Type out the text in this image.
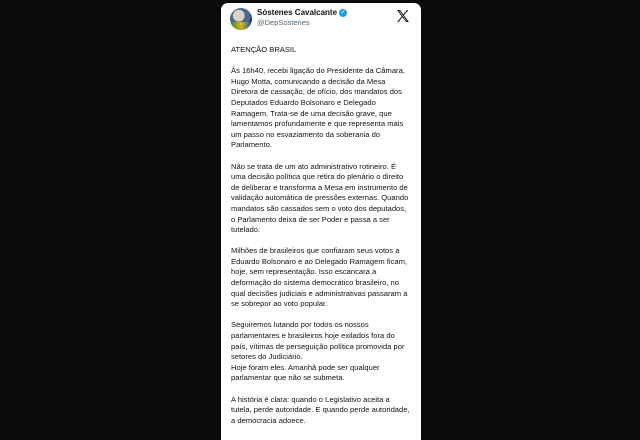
Sóstenes Cavalcante ✓
@DepSostenes

ATENÇÃO BRASIL

Às 16h40, recebi ligação do Presidente da Câmara, Hugo Motta, comunicando a decisão da Mesa Diretora de cassação, de ofício, dos mandatos dos Deputados Eduardo Bolsonaro e Delegado Ramagem. Trata-se de uma decisão grave, que lamentamos profundamente e que representa mais um passo no esvaziamento da soberania do Parlamento.

Não se trata de um ato administrativo rotineiro. É uma decisão política que retira do plenário o direito de deliberar e transforma a Mesa em instrumento de validação automática de pressões externas. Quando mandatos são cassados sem o voto dos deputados, o Parlamento deixa de ser Poder e passa a ser tutelado.

Milhões de brasileiros que confiaram seus votos a Eduardo Bolsonaro e ao Delegado Ramagem ficam, hoje, sem representação. Isso escancara a deformação do sistema democrático brasileiro, no qual decisões judiciais e administrativas passaram a se sobrepor ao voto popular.

Seguiremos lutando por todos os nossos parlamentares e brasileiros hoje exilados fora do país, vítimas de perseguição política promovida por setores do Judiciário.
Hoje foram eles. Amanhã pode ser qualquer parlamentar que não se submeta.

A história é clara: quando o Legislativo aceita a tutela, perde autoridade. E quando perde autoridade, a democracia adoece.
